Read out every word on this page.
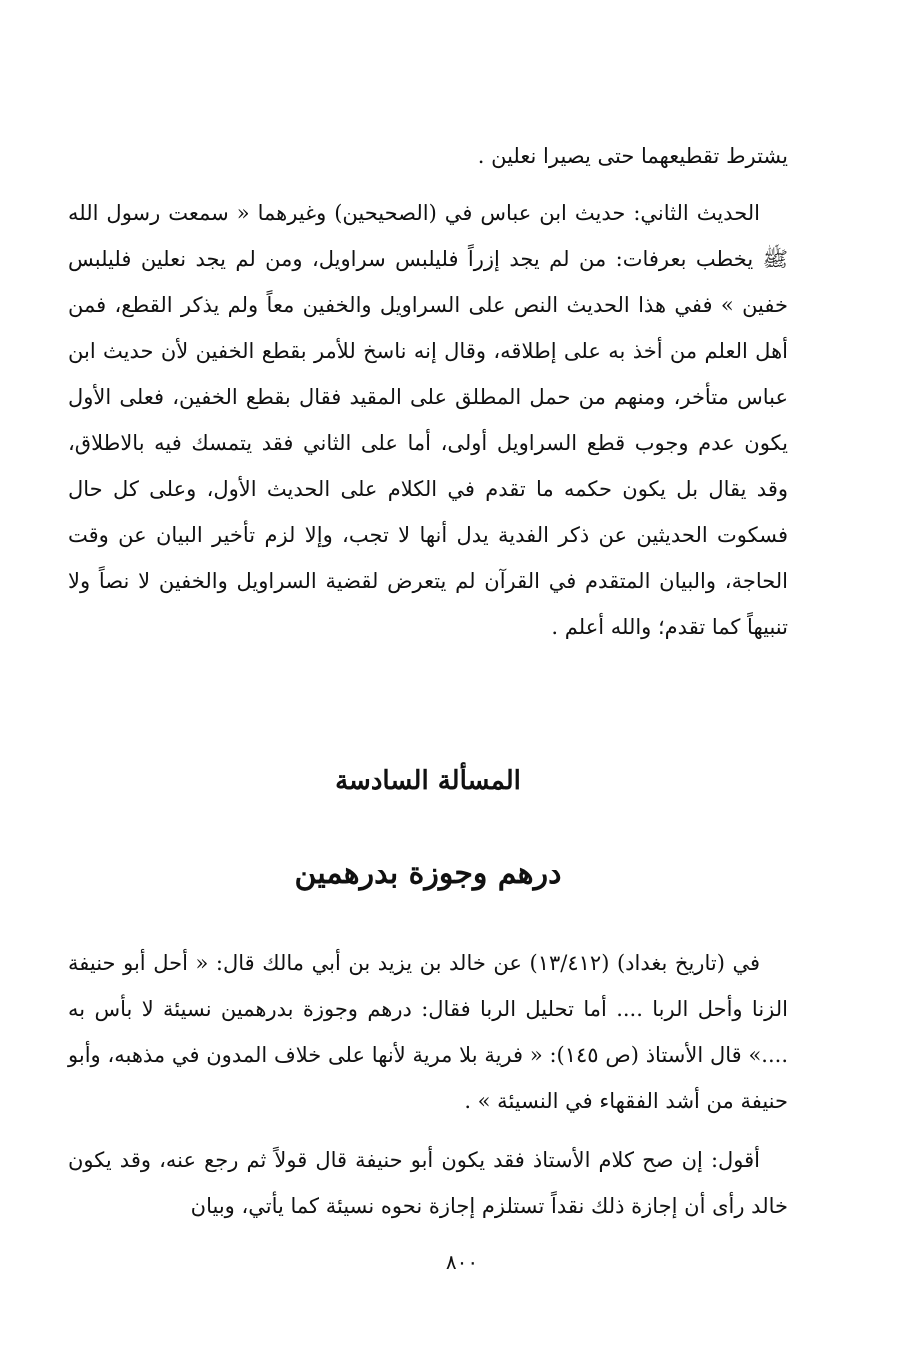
يشترط تقطيعهما حتى يصيرا نعلين .

الحديث الثاني: حديث ابن عباس في (الصحيحين) وغيرهما « سمعت رسول الله ﷺ يخطب بعرفات: من لم يجد إزراً فليلبس سراويل، ومن لم يجد نعلين فليلبس خفين » ففي هذا الحديث النص على السراويل والخفين معاً ولم يذكر القطع، فمن أهل العلم من أخذ به على إطلاقه، وقال إنه ناسخ للأمر بقطع الخفين لأن حديث ابن عباس متأخر، ومنهم من حمل المطلق على المقيد فقال بقطع الخفين، فعلى الأول يكون عدم وجوب قطع السراويل أولى، أما على الثاني فقد يتمسك فيه بالاطلاق، وقد يقال بل يكون حكمه ما تقدم في الكلام على الحديث الأول، وعلى كل حال فسكوت الحديثين عن ذكر الفدية يدل أنها لا تجب، وإلا لزم تأخير البيان عن وقت الحاجة، والبيان المتقدم في القرآن لم يتعرض لقضية السراويل والخفين لا نصاً ولا تنبيهاً كما تقدم؛ والله أعلم .

المسألة السادسة
درهم وجوزة بدرهمين

في (تاريخ بغداد) (١٣/٤١٢) عن خالد بن يزيد بن أبي مالك قال: « أحل أبو حنيفة الزنا وأحل الربا .... أما تحليل الربا فقال: درهم وجوزة بدرهمين نسيئة لا بأس به ....» قال الأستاذ (ص ١٤٥): « فرية بلا مرية لأنها على خلاف المدون في مذهبه، وأبو حنيفة من أشد الفقهاء في النسيئة » .

أقول: إن صح كلام الأستاذ فقد يكون أبو حنيفة قال قولاً ثم رجع عنه، وقد يكون خالد رأى أن إجازة ذلك نقداً تستلزم إجازة نحوه نسيئة كما يأتي، وبيان

٨٠٠
